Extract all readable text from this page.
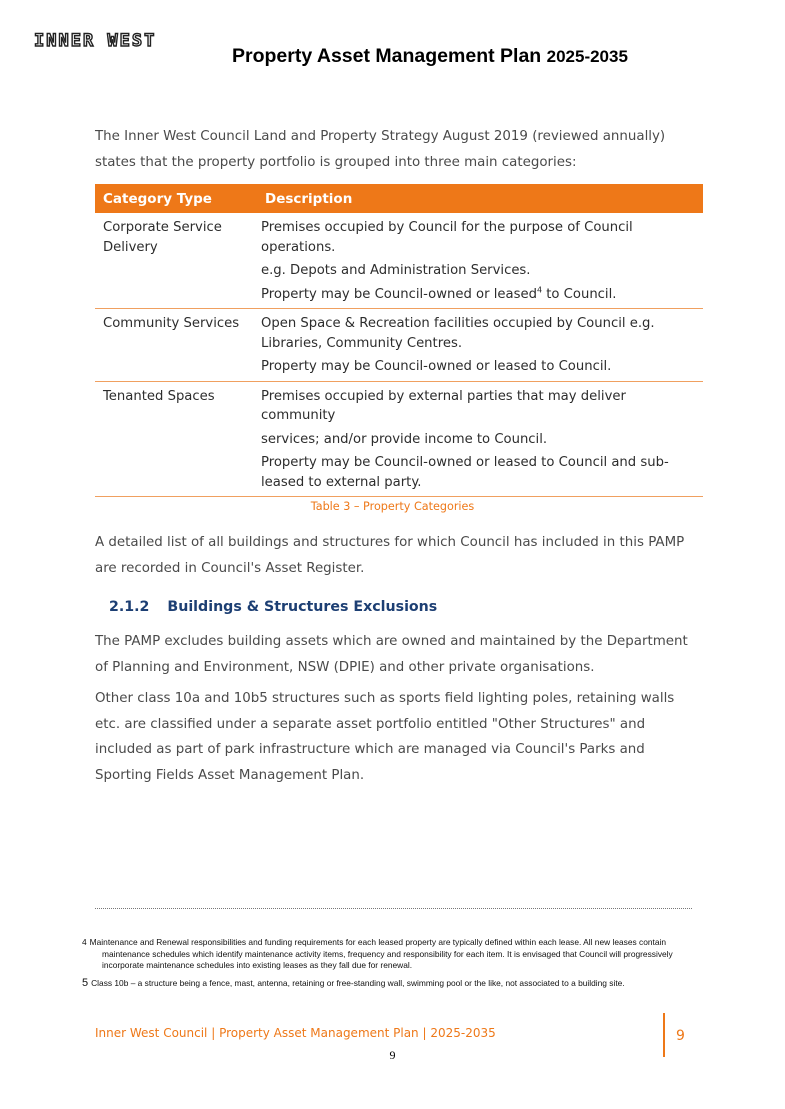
INNER WEST
Property Asset Management Plan 2025-2035

The Inner West Council Land and Property Strategy August 2019 (reviewed annually) states that the property portfolio is grouped into three main categories:

Category Type	Description
Corporate Service Delivery	Premises occupied by Council for the purpose of Council operations.

e.g. Depots and Administration Services.

Property may be Council-owned or leased$^4$ to Council.

Community Services	Open Space & Recreation facilities occupied by Council e.g. Libraries, Community Centres.

Property may be Council-owned or leased to Council.

Tenanted Spaces	Premises occupied by external parties that may deliver community

services; and/or provide income to Council.

Property may be Council-owned or leased to Council and sub-leased to external party.

Table 3 – Property Categories

A detailed list of all buildings and structures for which Council has included in this PAMP are recorded in Council's Asset Register.

2.1.2 Buildings & Structures Exclusions

The PAMP excludes building assets which are owned and maintained by the Department of Planning and Environment, NSW (DPIE) and other private organisations.

Other class 10a and 10b5 structures such as sports field lighting poles, retaining walls etc. are classified under a separate asset portfolio entitled "Other Structures" and included as part of park infrastructure which are managed via Council's Parks and Sporting Fields Asset Management Plan.

4 Maintenance and Renewal responsibilities and funding requirements for each leased property are typically defined within each lease. All new leases contain maintenance schedules which identify maintenance activity items, frequency and responsibility for each item. It is envisaged that Council will progressively incorporate maintenance schedules into existing leases as they fall due for renewal.

5 Class 10b – a structure being a fence, mast, antenna, retaining or free-standing wall, swimming pool or the like, not associated to a building site.

Inner West Council | Property Asset Management Plan | 2025-2035	9
9
